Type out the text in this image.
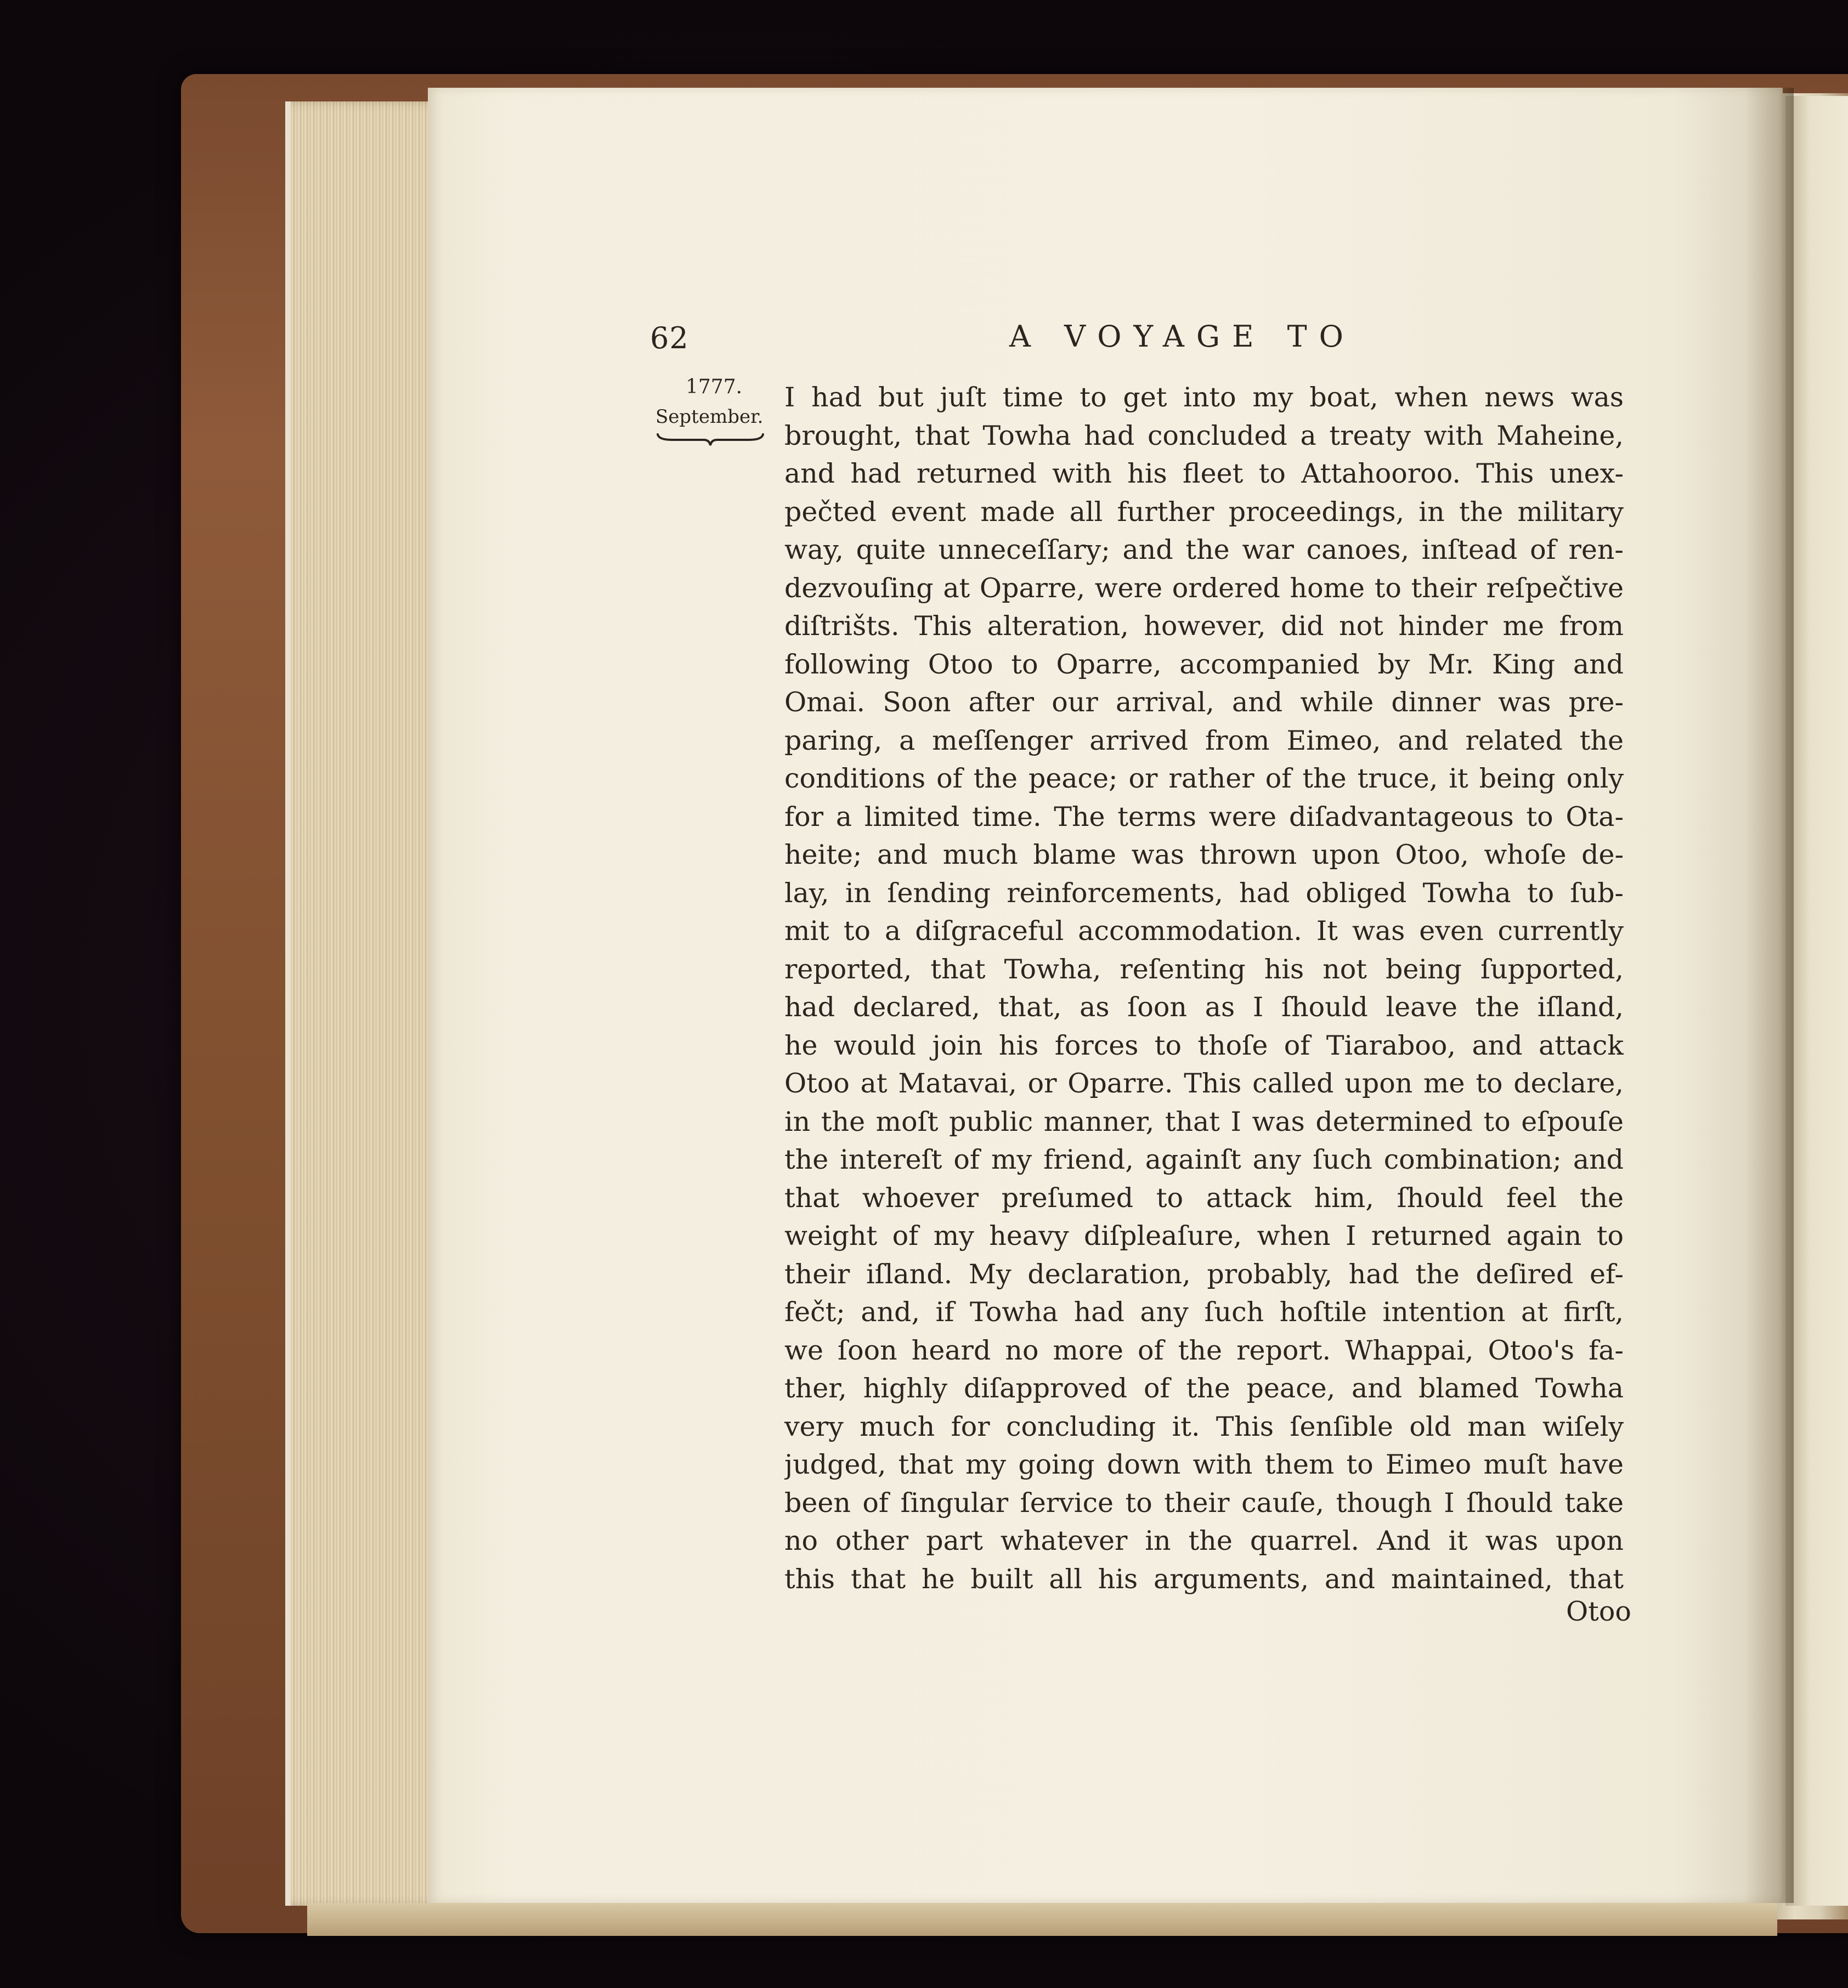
62	A VOYAGE TO
1777.
September.
I had but juſt time to get into my boat, when news was
brought, that Towha had concluded a treaty with Maheine,
and had returned with his fleet to Attahooroo. This unex-
pečted event made all further proceedings, in the military
way, quite unneceſſary; and the war canoes, inſtead of ren-
dezvouſing at Oparre, were ordered home to their reſpečtive
diſtrišts. This alteration, however, did not hinder me from
following Otoo to Oparre, accompanied by Mr. King and
Omai. Soon after our arrival, and while dinner was pre-
paring, a meſſenger arrived from Eimeo, and related the
conditions of the peace; or rather of the truce, it being only
for a limited time. The terms were diſadvantageous to Ota-
heite; and much blame was thrown upon Otoo, whoſe de-
lay, in ſending reinforcements, had obliged Towha to ſub-
mit to a diſgraceful accommodation. It was even currently
reported, that Towha, reſenting his not being ſupported,
had declared, that, as ſoon as I ſhould leave the iſland,
he would join his forces to thoſe of Tiaraboo, and attack
Otoo at Matavai, or Oparre. This called upon me to declare,
in the moſt public manner, that I was determined to eſpouſe
the intereſt of my friend, againſt any ſuch combination; and
that whoever preſumed to attack him, ſhould feel the
weight of my heavy diſpleaſure, when I returned again to
their iſland. My declaration, probably, had the deſired ef-
fečt; and, if Towha had any ſuch hoſtile intention at firſt,
we ſoon heard no more of the report. Whappai, Otoo's fa-
ther, highly diſapproved of the peace, and blamed Towha
very much for concluding it. This ſenſible old man wiſely
judged, that my going down with them to Eimeo muſt have
been of ſingular ſervice to their cauſe, though I ſhould take
no other part whatever in the quarrel. And it was upon
this that he built all his arguments, and maintained, that
Otoo
